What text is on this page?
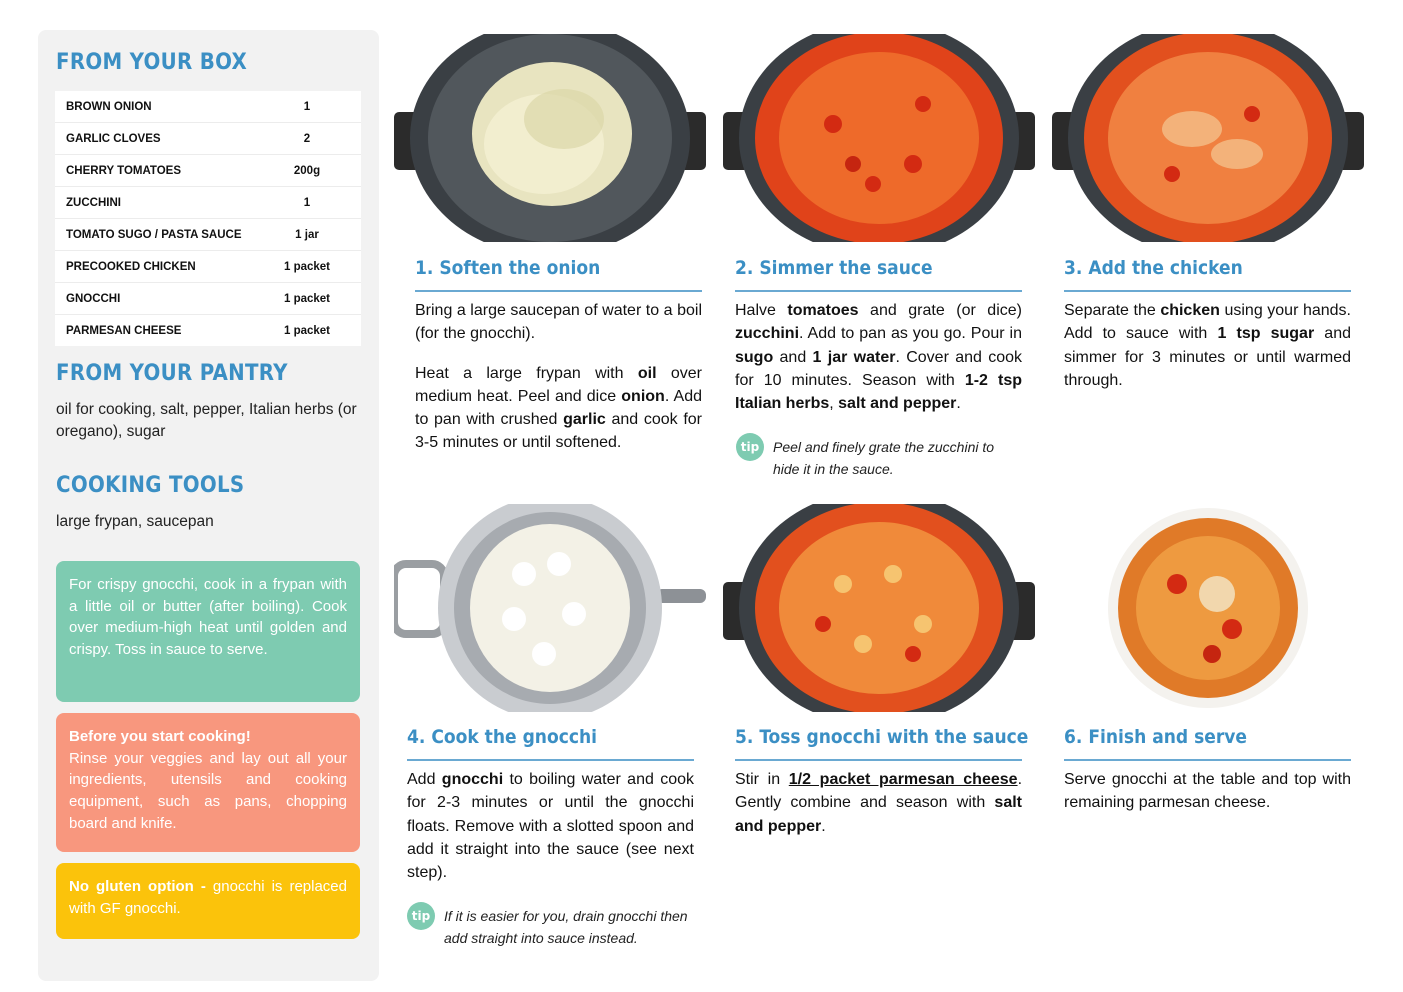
FROM YOUR BOX
BROWN ONION	1
GARLIC CLOVES	2
CHERRY TOMATOES	200g
ZUCCHINI	1
TOMATO SUGO / PASTA SAUCE	1 jar
PRECOOKED CHICKEN	1 packet
GNOCCHI	1 packet
PARMESAN CHEESE	1 packet
FROM YOUR PANTRY
oil for cooking, salt, pepper, Italian herbs (or oregano), sugar
COOKING TOOLS
large frypan, saucepan
For crispy gnocchi, cook in a frypan with a little oil or butter (after boiling). Cook over medium-high heat until golden and crispy. Toss in sauce to serve.
Before you start cooking!
Rinse your veggies and lay out all your ingredients, utensils and cooking equipment, such as pans, chopping board and knife.
No gluten option - gnocchi is replaced with GF gnocchi.
1. Soften the onion

Bring a large saucepan of water to a boil (for the gnocchi).

Heat a large frypan with oil over medium heat. Peel and dice onion. Add to pan with crushed garlic and cook for 3-5 minutes or until softened.

2. Simmer the sauce

Halve tomatoes and grate (or dice) zucchini. Add to pan as you go. Pour in sugo and 1 jar water. Cover and cook for 10 minutes. Season with 1-2 tsp Italian herbs, salt and pepper.

tip Peel and finely grate the zucchini to hide it in the sauce.
3. Add the chicken

Separate the chicken using your hands. Add to sauce with 1 tsp sugar and simmer for 3 minutes or until warmed through.

4. Cook the gnocchi

Add gnocchi to boiling water and cook for 2-3 minutes or until the gnocchi floats. Remove with a slotted spoon and add it straight into the sauce (see next step).

tip If it is easier for you, drain gnocchi then add straight into sauce instead.
5. Toss gnocchi with the sauce

Stir in 1/2 packet parmesan cheese. Gently combine and season with salt and pepper.

6. Finish and serve

Serve gnocchi at the table and top with remaining parmesan cheese.
